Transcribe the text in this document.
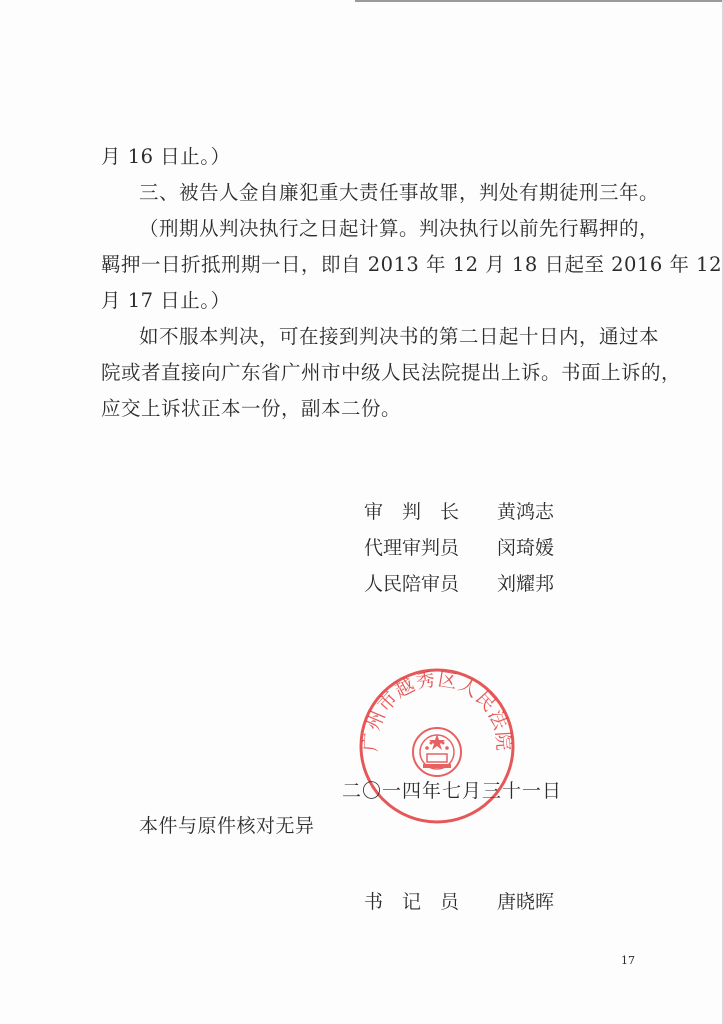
月 16 日止。）
三、被告人金自廉犯重大责任事故罪，判处有期徒刑三年。
（刑期从判决执行之日起计算。判决执行以前先行羁押的，
羁押一日折抵刑期一日，即自 2013 年 12 月 18 日起至 2016 年 12
月 17 日止。）
如不服本判决，可在接到判决书的第二日起十日内，通过本
院或者直接向广东省广州市中级人民法院提出上诉。书面上诉的，
应交上诉状正本一份，副本二份。
审　判　长 黄鸿志
代理审判员 闵琦媛
人民陪审员 刘耀邦
广州市越秀区人民法院
二〇一四年七月三十一日
本件与原件核对无异
书　记　员 唐晓晖
17
